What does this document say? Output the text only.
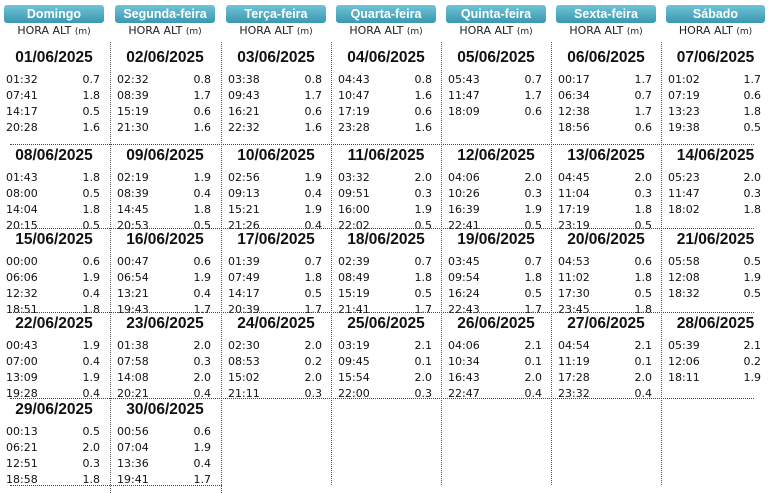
Domingo
HORA ALT (m)
Segunda-feira
HORA ALT (m)
Terça-feira
HORA ALT (m)
Quarta-feira
HORA ALT (m)
Quinta-feira
HORA ALT (m)
Sexta-feira
HORA ALT (m)
Sábado
HORA ALT (m)
01/06/2025
01:32	0.7
07:41	1.8
14:17	0.5
20:28	1.6
02/06/2025
02:32	0.8
08:39	1.7
15:19	0.6
21:30	1.6
03/06/2025
03:38	0.8
09:43	1.7
16:21	0.6
22:32	1.6
04/06/2025
04:43	0.8
10:47	1.6
17:19	0.6
23:28	1.6
05/06/2025
05:43	0.7
11:47	1.7
18:09	0.6
06/06/2025
00:17	1.7
06:34	0.7
12:38	1.7
18:56	0.6
07/06/2025
01:02	1.7
07:19	0.6
13:23	1.8
19:38	0.5
08/06/2025
01:43	1.8
08:00	0.5
14:04	1.8
20:15	0.5
09/06/2025
02:19	1.9
08:39	0.4
14:45	1.8
20:53	0.5
10/06/2025
02:56	1.9
09:13	0.4
15:21	1.9
21:26	0.4
11/06/2025
03:32	2.0
09:51	0.3
16:00	1.9
22:02	0.5
12/06/2025
04:06	2.0
10:26	0.3
16:39	1.9
22:41	0.5
13/06/2025
04:45	2.0
11:04	0.3
17:19	1.8
23:19	0.5
14/06/2025
05:23	2.0
11:47	0.3
18:02	1.8
15/06/2025
00:00	0.6
06:06	1.9
12:32	0.4
18:51	1.8
16/06/2025
00:47	0.6
06:54	1.9
13:21	0.4
19:43	1.7
17/06/2025
01:39	0.7
07:49	1.8
14:17	0.5
20:39	1.7
18/06/2025
02:39	0.7
08:49	1.8
15:19	0.5
21:41	1.7
19/06/2025
03:45	0.7
09:54	1.8
16:24	0.5
22:43	1.7
20/06/2025
04:53	0.6
11:02	1.8
17:30	0.5
23:45	1.8
21/06/2025
05:58	0.5
12:08	1.9
18:32	0.5
22/06/2025
00:43	1.9
07:00	0.4
13:09	1.9
19:28	0.4
23/06/2025
01:38	2.0
07:58	0.3
14:08	2.0
20:21	0.4
24/06/2025
02:30	2.0
08:53	0.2
15:02	2.0
21:11	0.3
25/06/2025
03:19	2.1
09:45	0.1
15:54	2.0
22:00	0.3
26/06/2025
04:06	2.1
10:34	0.1
16:43	2.0
22:47	0.4
27/06/2025
04:54	2.1
11:19	0.1
17:28	2.0
23:32	0.4
28/06/2025
05:39	2.1
12:06	0.2
18:11	1.9
29/06/2025
00:13	0.5
06:21	2.0
12:51	0.3
18:58	1.8
30/06/2025
00:56	0.6
07:04	1.9
13:36	0.4
19:41	1.7
